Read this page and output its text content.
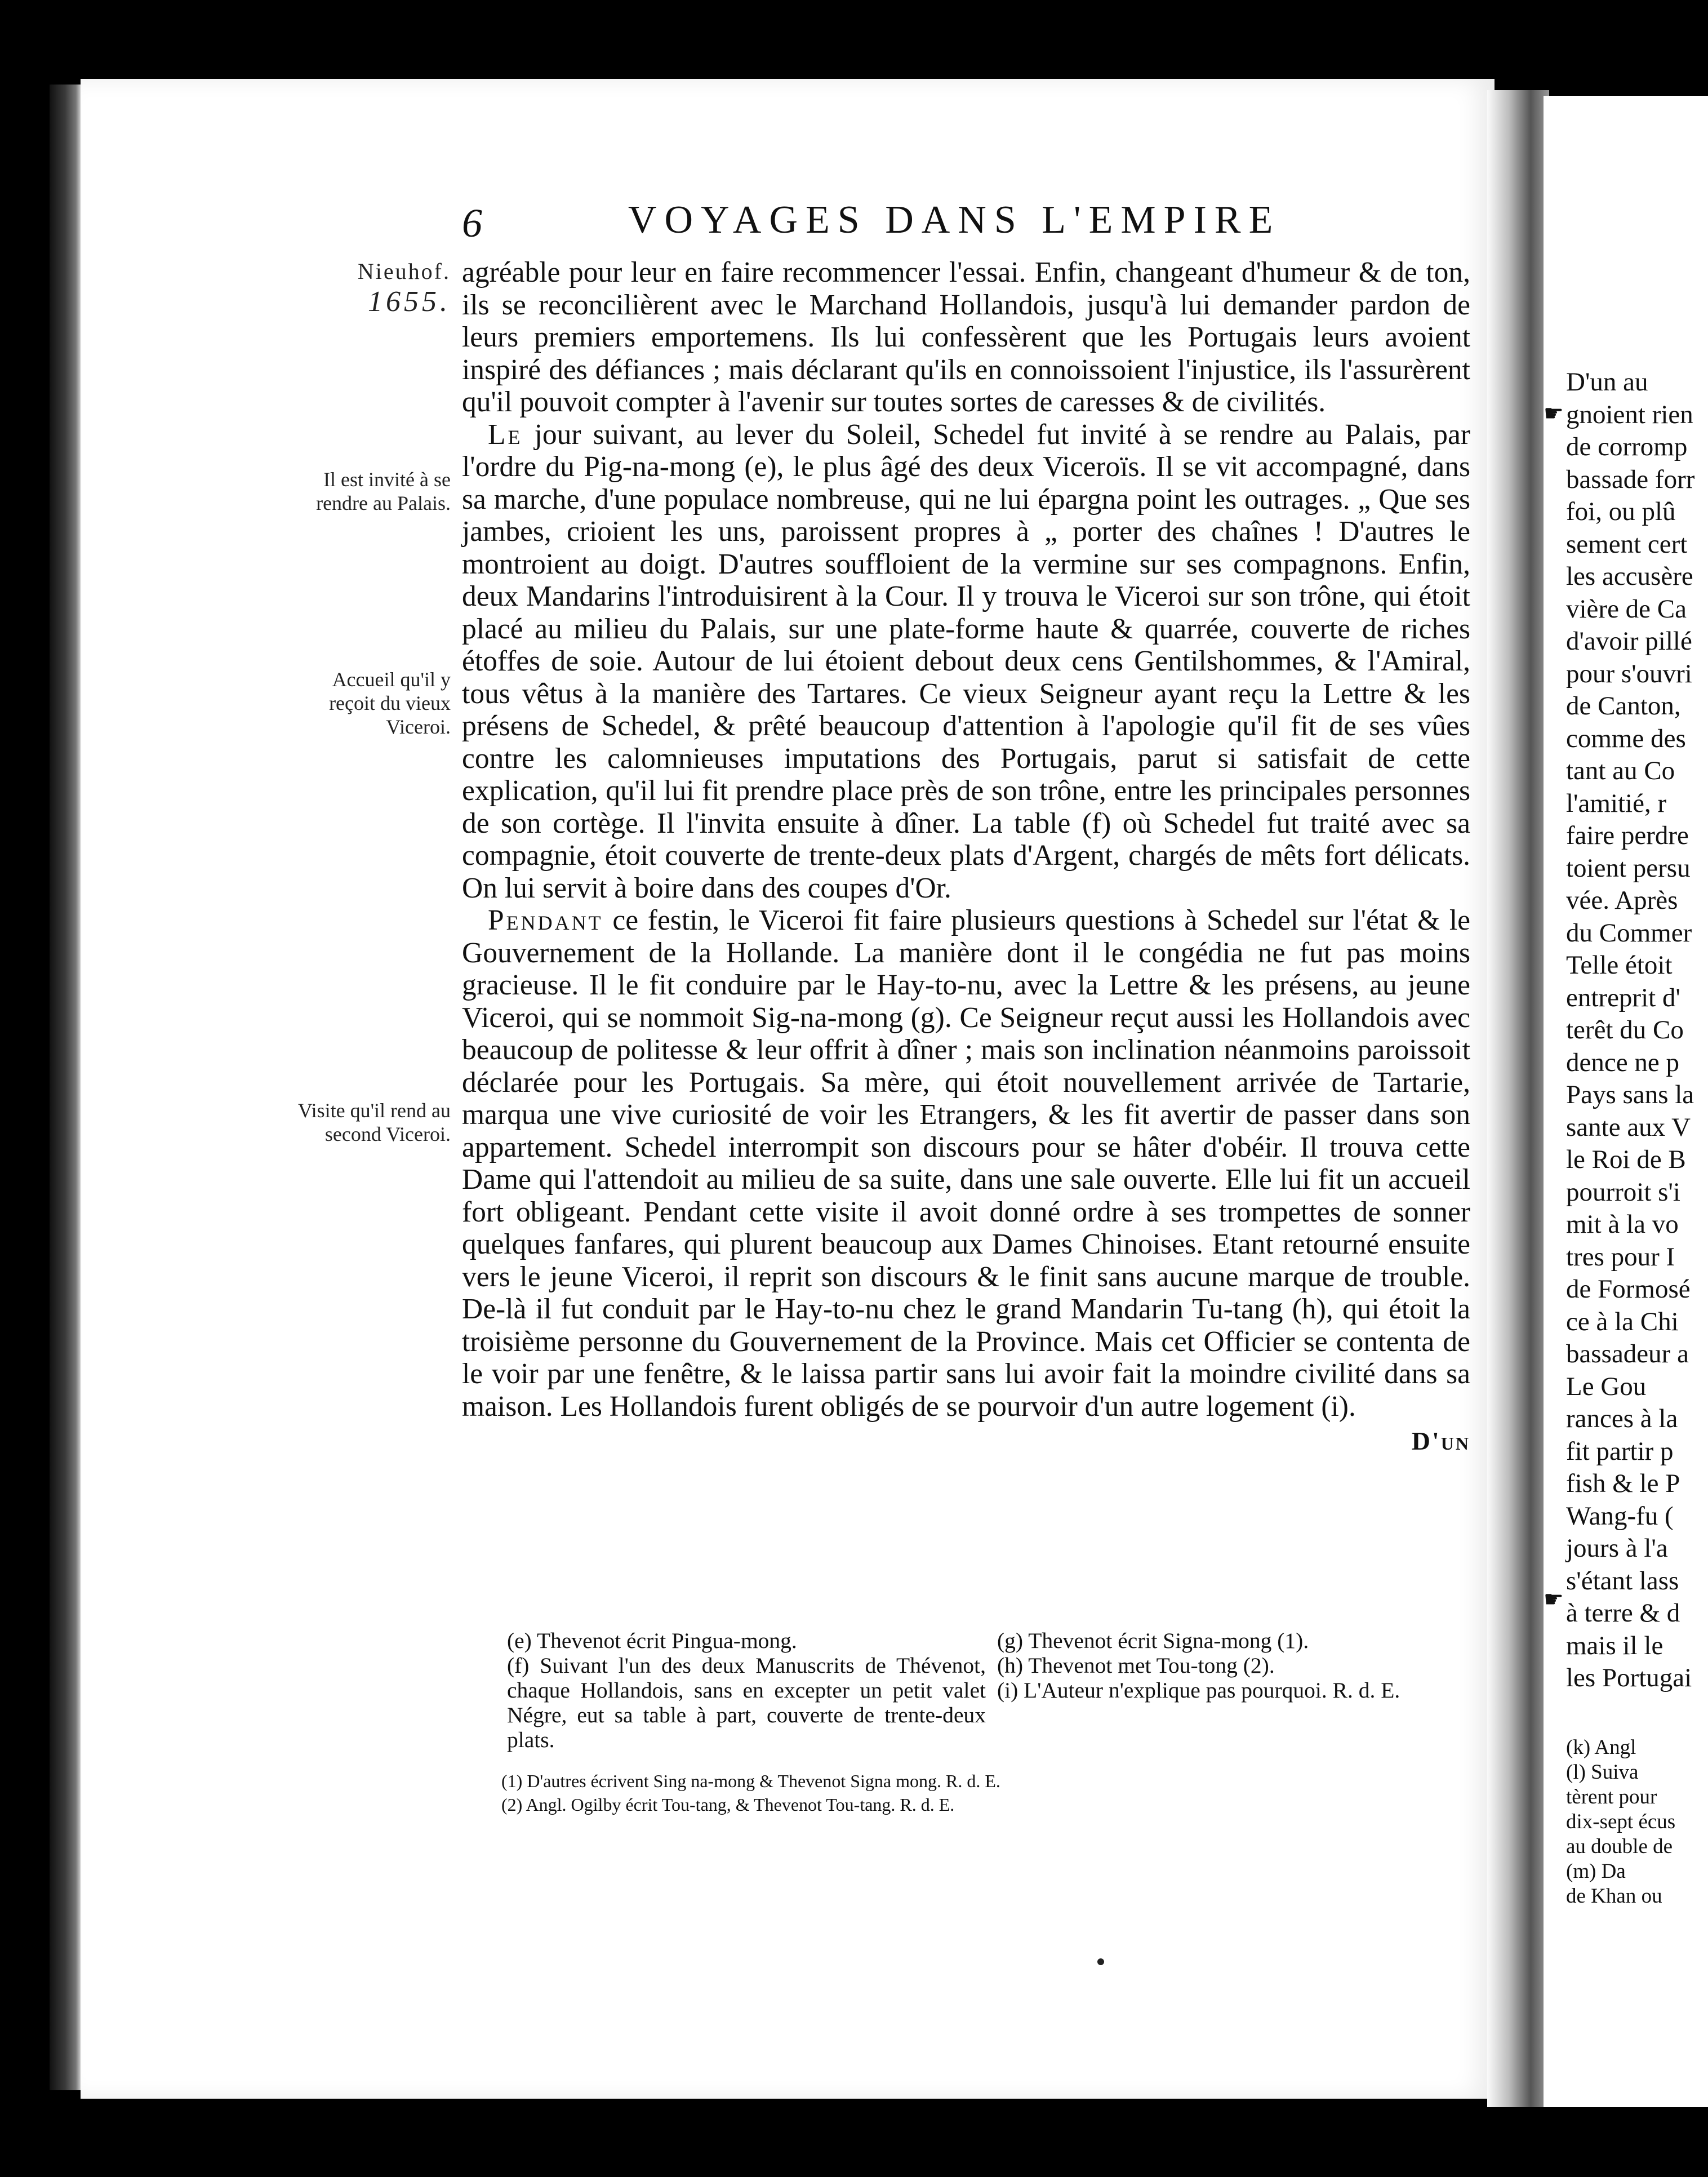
6	VOYAGES DANS L'EMPIRE
Nieuhof.
1655.
Il est invité à se rendre au Palais.
Accueil qu'il y reçoit du vieux Viceroi.
Visite qu'il rend au second Viceroi.

agréable pour leur en faire recommencer l'essai. Enfin, changeant d'humeur & de ton, ils se reconcilièrent avec le Marchand Hollandois, jusqu'à lui demander pardon de leurs premiers emportemens. Ils lui confessèrent que les Portugais leurs avoient inspiré des défiances ; mais déclarant qu'ils en connoissoient l'injustice, ils l'assurèrent qu'il pouvoit compter à l'avenir sur toutes sortes de caresses & de civilités.

Le jour suivant, au lever du Soleil, Schedel fut invité à se rendre au Palais, par l'ordre du Pig-na-mong (e), le plus âgé des deux Viceroïs. Il se vit accompagné, dans sa marche, d'une populace nombreuse, qui ne lui épargna point les outrages. „ Que ses jambes, crioient les uns, paroissent propres à „ porter des chaînes ! D'autres le montroient au doigt. D'autres souffloient de la vermine sur ses compagnons. Enfin, deux Mandarins l'introduisirent à la Cour. Il y trouva le Viceroi sur son trône, qui étoit placé au milieu du Palais, sur une plate-forme haute & quarrée, couverte de riches étoffes de soie. Autour de lui étoient debout deux cens Gentilshommes, & l'Amiral, tous vêtus à la manière des Tartares. Ce vieux Seigneur ayant reçu la Lettre & les présens de Schedel, & prêté beaucoup d'attention à l'apologie qu'il fit de ses vûes contre les calomnieuses imputations des Portugais, parut si satisfait de cette explication, qu'il lui fit prendre place près de son trône, entre les principales personnes de son cortège. Il l'invita ensuite à dîner. La table (f) où Schedel fut traité avec sa compagnie, étoit couverte de trente-deux plats d'Argent, chargés de mêts fort délicats. On lui servit à boire dans des coupes d'Or.

Pendant ce festin, le Viceroi fit faire plusieurs questions à Schedel sur l'état & le Gouvernement de la Hollande. La manière dont il le congédia ne fut pas moins gracieuse. Il le fit conduire par le Hay-to-nu, avec la Lettre & les présens, au jeune Viceroi, qui se nommoit Sig-na-mong (g). Ce Seigneur reçut aussi les Hollandois avec beaucoup de politesse & leur offrit à dîner ; mais son inclination néanmoins paroissoit déclarée pour les Portugais. Sa mère, qui étoit nouvellement arrivée de Tartarie, marqua une vive curiosité de voir les Etrangers, & les fit avertir de passer dans son appartement. Schedel interrompit son discours pour se hâter d'obéir. Il trouva cette Dame qui l'attendoit au milieu de sa suite, dans une sale ouverte. Elle lui fit un accueil fort obligeant. Pendant cette visite il avoit donné ordre à ses trompettes de sonner quelques fanfares, qui plurent beaucoup aux Dames Chinoises. Etant retourné ensuite vers le jeune Viceroi, il reprit son discours & le finit sans aucune marque de trouble. De-là il fut conduit par le Hay-to-nu chez le grand Mandarin Tu-tang (h), qui étoit la troisième personne du Gouvernement de la Province. Mais cet Officier se contenta de le voir par une fenêtre, & le laissa partir sans lui avoir fait la moindre civilité dans sa maison. Les Hollandois furent obligés de se pourvoir d'un autre logement (i).

D'un

(e) Thevenot écrit Pingua-mong.

(f) Suivant l'un des deux Manuscrits de Thévenot, chaque Hollandois, sans en excepter un petit valet Négre, eut sa table à part, couverte de trente-deux plats.

(g) Thevenot écrit Signa-mong (1).

(h) Thevenot met Tou-tong (2).

(i) L'Auteur n'explique pas pourquoi. R. d. E.

(1) D'autres écrivent Sing na-mong & Thevenot Signa mong. R. d. E.

(2) Angl. Ogilby écrit Tou-tang, & Thevenot Tou-tang. R. d. E.

D'un au
gnoient rien
de corromp
bassade forr
foi, ou plû
sement cert
les accusère
vière de Ca
d'avoir pillé
pour s'ouvri
de Canton,
comme des
tant au Co
l'amitié, r
faire perdre
toient persu
vée. Après
du Commer
Telle étoit
entreprit d'
terêt du Co
dence ne p
Pays sans la
sante aux V
le Roi de B
pourroit s'i
mit à la vo
tres pour I
de Formosé
ce à la Chi
bassadeur a
Le Gou
rances à la
fit partir p
fish & le P
Wang-fu (
jours à l'a
s'étant lass
à terre & d
mais il le
les Portugai
(k) Angl
(l) Suiva
tèrent pour
dix-sept écus
au double de
(m) Da
de Khan ou
☛
☛
